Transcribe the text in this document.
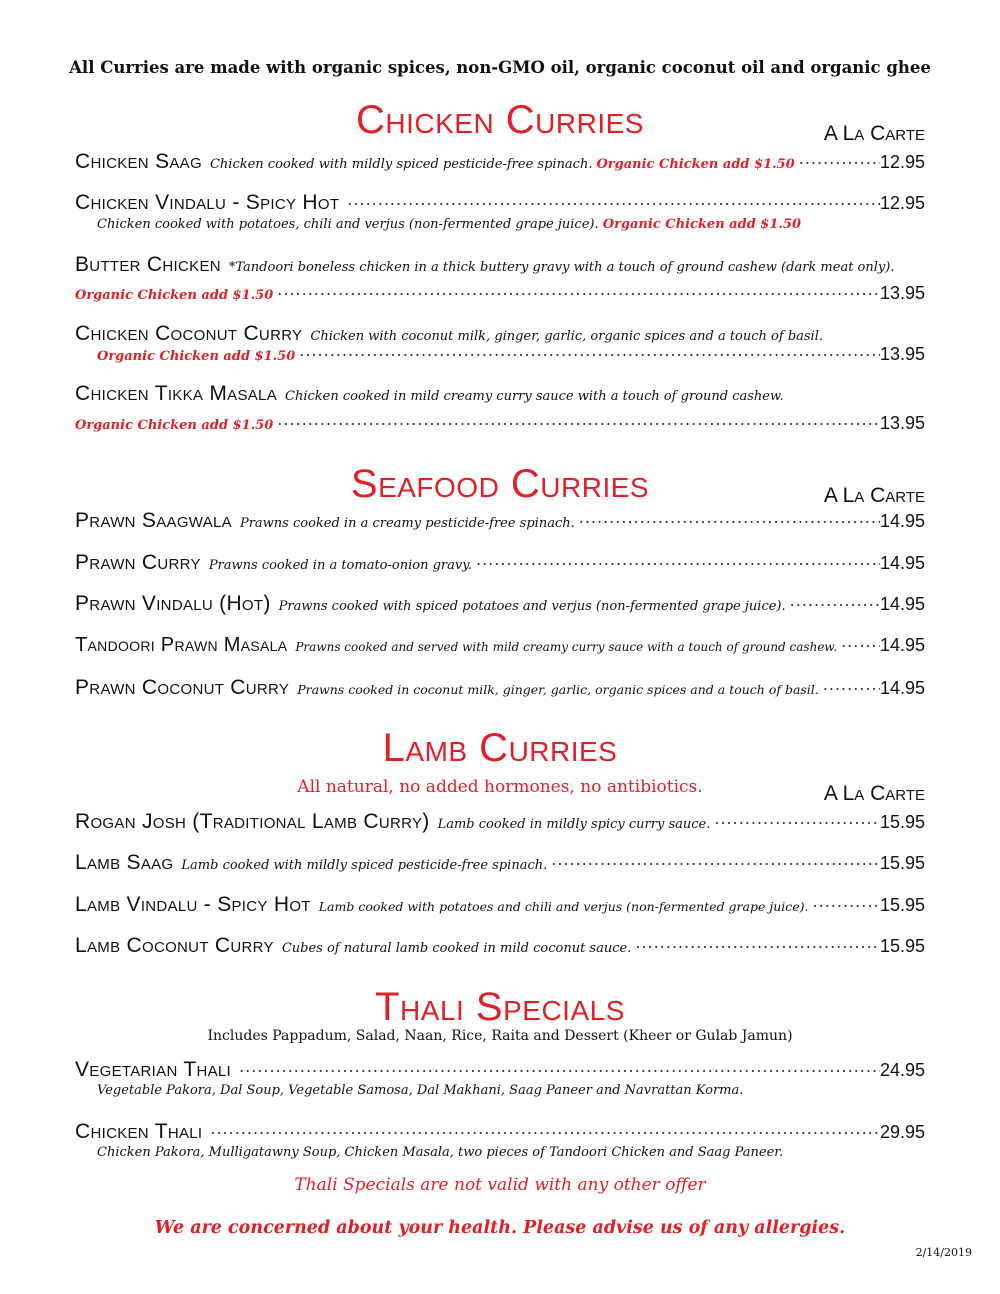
All Curries are made with organic spices, non-GMO oil, organic coconut oil and organic ghee
Chicken Curries	A La Carte
Chicken Saag Chicken cooked with mildly spiced pesticide-free spinach. Organic Chicken add $1.50 .....	12.95
Chicken Vindalu - Spicy Hot .....	12.95
Chicken cooked with potatoes, chili and verjus (non-fermented grape juice). Organic Chicken add $1.50
Butter Chicken *Tandoori boneless chicken in a thick buttery gravy with a touch of ground cashew (dark meat only).
Organic Chicken add $1.50 .....	13.95
Chicken Coconut Curry Chicken with coconut milk, ginger, garlic, organic spices and a touch of basil.
Organic Chicken add $1.50 .....	13.95
Chicken Tikka Masala Chicken cooked in mild creamy curry sauce with a touch of ground cashew.
Organic Chicken add $1.50 .....	13.95
Seafood Curries	A La Carte
Prawn Saagwala Prawns cooked in a creamy pesticide-free spinach. .....	14.95
Prawn Curry Prawns cooked in a tomato-onion gravy. .....	14.95
Prawn Vindalu (Hot) Prawns cooked with spiced potatoes and verjus (non-fermented grape juice). .....	14.95
Tandoori Prawn Masala Prawns cooked and served with mild creamy curry sauce with a touch of ground cashew. ..... 14.95
Prawn Coconut Curry Prawns cooked in coconut milk, ginger, garlic, organic spices and a touch of basil. .....	14.95
Lamb Curries
All natural, no added hormones, no antibiotics.	A La Carte
Rogan Josh (Traditional Lamb Curry) Lamb cooked in mildly spicy curry sauce. .....	15.95
Lamb Saag Lamb cooked with mildly spiced pesticide-free spinach. .....	15.95
Lamb Vindalu - Spicy Hot Lamb cooked with potatoes and chili and verjus (non-fermented grape juice). .....	15.95
Lamb Coconut Curry Cubes of natural lamb cooked in mild coconut sauce. .....	15.95
Thali Specials
Includes Pappadum, Salad, Naan, Rice, Raita and Dessert (Kheer or Gulab Jamun)
Vegetarian Thali .....	24.95
Vegetable Pakora, Dal Soup, Vegetable Samosa, Dal Makhani, Saag Paneer and Navrattan Korma.
Chicken Thali .....	29.95
Chicken Pakora, Mulligatawny Soup, Chicken Masala, two pieces of Tandoori Chicken and Saag Paneer.
Thali Specials are not valid with any other offer
We are concerned about your health. Please advise us of any allergies.
2/14/2019
